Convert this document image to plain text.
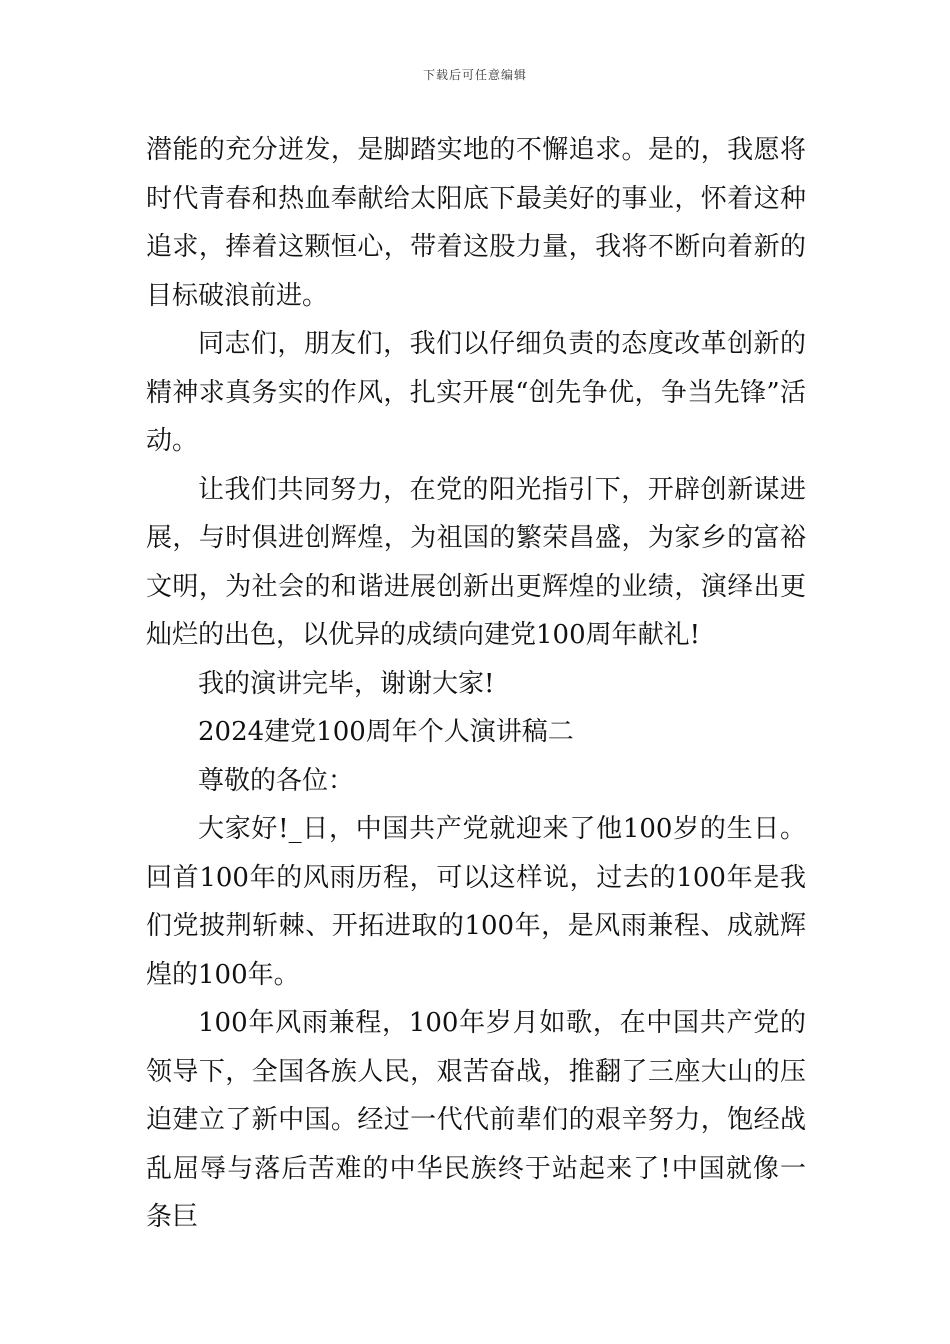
下载后可任意编辑

潜能的充分迸发，是脚踏实地的不懈追求。是的，我愿将时代青春和热血奉献给太阳底下最美好的事业，怀着这种追求，捧着这颗恒心，带着这股力量，我将不断向着新的目标破浪前进。

同志们，朋友们，我们以仔细负责的态度改革创新的精神求真务实的作风，扎实开展“创先争优，争当先锋”活动。

让我们共同努力，在党的阳光指引下，开辟创新谋进展，与时俱进创辉煌，为祖国的繁荣昌盛，为家乡的富裕文明，为社会的和谐进展创新出更辉煌的业绩，演绎出更灿烂的出色，以优异的成绩向建党100周年献礼!

我的演讲完毕，谢谢大家!

2024建党100周年个人演讲稿二

尊敬的各位：

大家好!_日，中国共产党就迎来了他100岁的生日。回首100年的风雨历程，可以这样说，过去的100年是我们党披荆斩棘、开拓进取的100年，是风雨兼程、成就辉煌的100年。

100年风雨兼程，100年岁月如歌，在中国共产党的领导下，全国各族人民，艰苦奋战，推翻了三座大山的压迫建立了新中国。经过一代代前辈们的艰辛努力，饱经战乱屈辱与落后苦难的中华民族终于站起来了!中国就像一条巨
